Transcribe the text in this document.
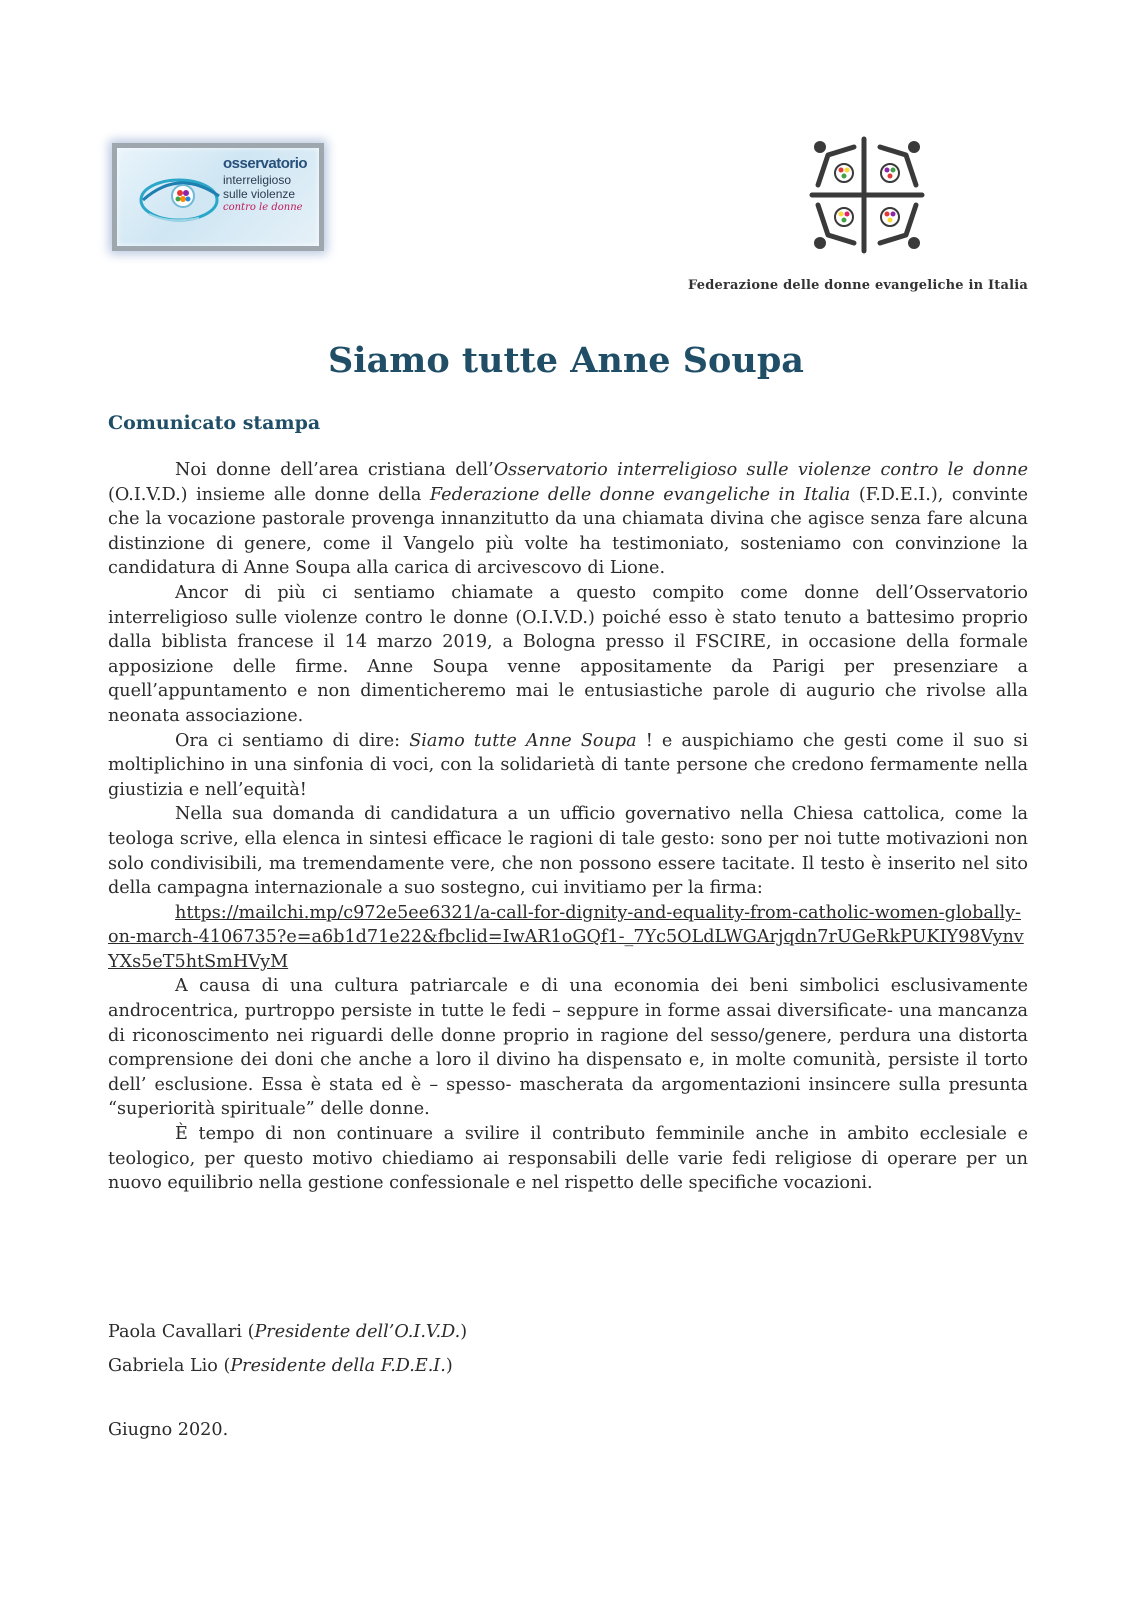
osservatorio
interreligioso
sulle violenze
contro le donne
Federazione delle donne evangeliche in Italia
Siamo tutte Anne Soupa
Comunicato stampa

Noi donne dell’area cristiana dell’Osservatorio interreligioso sulle violenze contro le donne (O.I.V.D.) insieme alle donne della Federazione delle donne evangeliche in Italia (F.D.E.I.), convinte che la vocazione pastorale provenga innanzitutto da una chiamata divina che agisce senza fare alcuna distinzione di genere, come il Vangelo più volte ha testimoniato, sosteniamo con convinzione la candidatura di Anne Soupa alla carica di arcivescovo di Lione.

Ancor di più ci sentiamo chiamate a questo compito come donne dell’Osservatorio interreligioso sulle violenze contro le donne (O.I.V.D.) poiché esso è stato tenuto a battesimo proprio dalla biblista francese il 14 marzo 2019, a Bologna presso il FSCIRE, in occasione della formale apposizione delle firme. Anne Soupa venne appositamente da Parigi per presenziare a quell’appuntamento e non dimenticheremo mai le entusiastiche parole di augurio che rivolse alla neonata associazione.

Ora ci sentiamo di dire: Siamo tutte Anne Soupa ! e auspichiamo che gesti come il suo si moltiplichino in una sinfonia di voci, con la solidarietà di tante persone che credono fermamente nella giustizia e nell’equità!

Nella sua domanda di candidatura a un ufficio governativo nella Chiesa cattolica, come la teologa scrive, ella elenca in sintesi efficace le ragioni di tale gesto: sono per noi tutte motivazioni non solo condivisibili, ma tremendamente vere, che non possono essere tacitate. Il testo è inserito nel sito della campagna internazionale a suo sostegno, cui invitiamo per la firma:

https://mailchi.mp/c972e5ee6321/a-call-for-dignity-and-equality-from-catholic-women-globally-on-march-4106735?e=a6b1d71e22&fbclid=IwAR1oGQf1-_7Yc5OLdLWGArjqdn7rUGeRkPUKIY98VynvYXs5eT5htSmHVyM

A causa di una cultura patriarcale e di una economia dei beni simbolici esclusivamente androcentrica, purtroppo persiste in tutte le fedi – seppure in forme assai diversificate- una mancanza di riconoscimento nei riguardi delle donne proprio in ragione del sesso/genere, perdura una distorta comprensione dei doni che anche a loro il divino ha dispensato e, in molte comunità, persiste il torto dell’ esclusione. Essa è stata ed è – spesso- mascherata da argomentazioni insincere sulla presunta “superiorità spirituale” delle donne.

È tempo di non continuare a svilire il contributo femminile anche in ambito ecclesiale e teologico, per questo motivo chiediamo ai responsabili delle varie fedi religiose di operare per un nuovo equilibrio nella gestione confessionale e nel rispetto delle specifiche vocazioni.

Paola Cavallari (Presidente dell’O.I.V.D.)
Gabriela Lio (Presidente della F.D.E.I.)
Giugno 2020.
